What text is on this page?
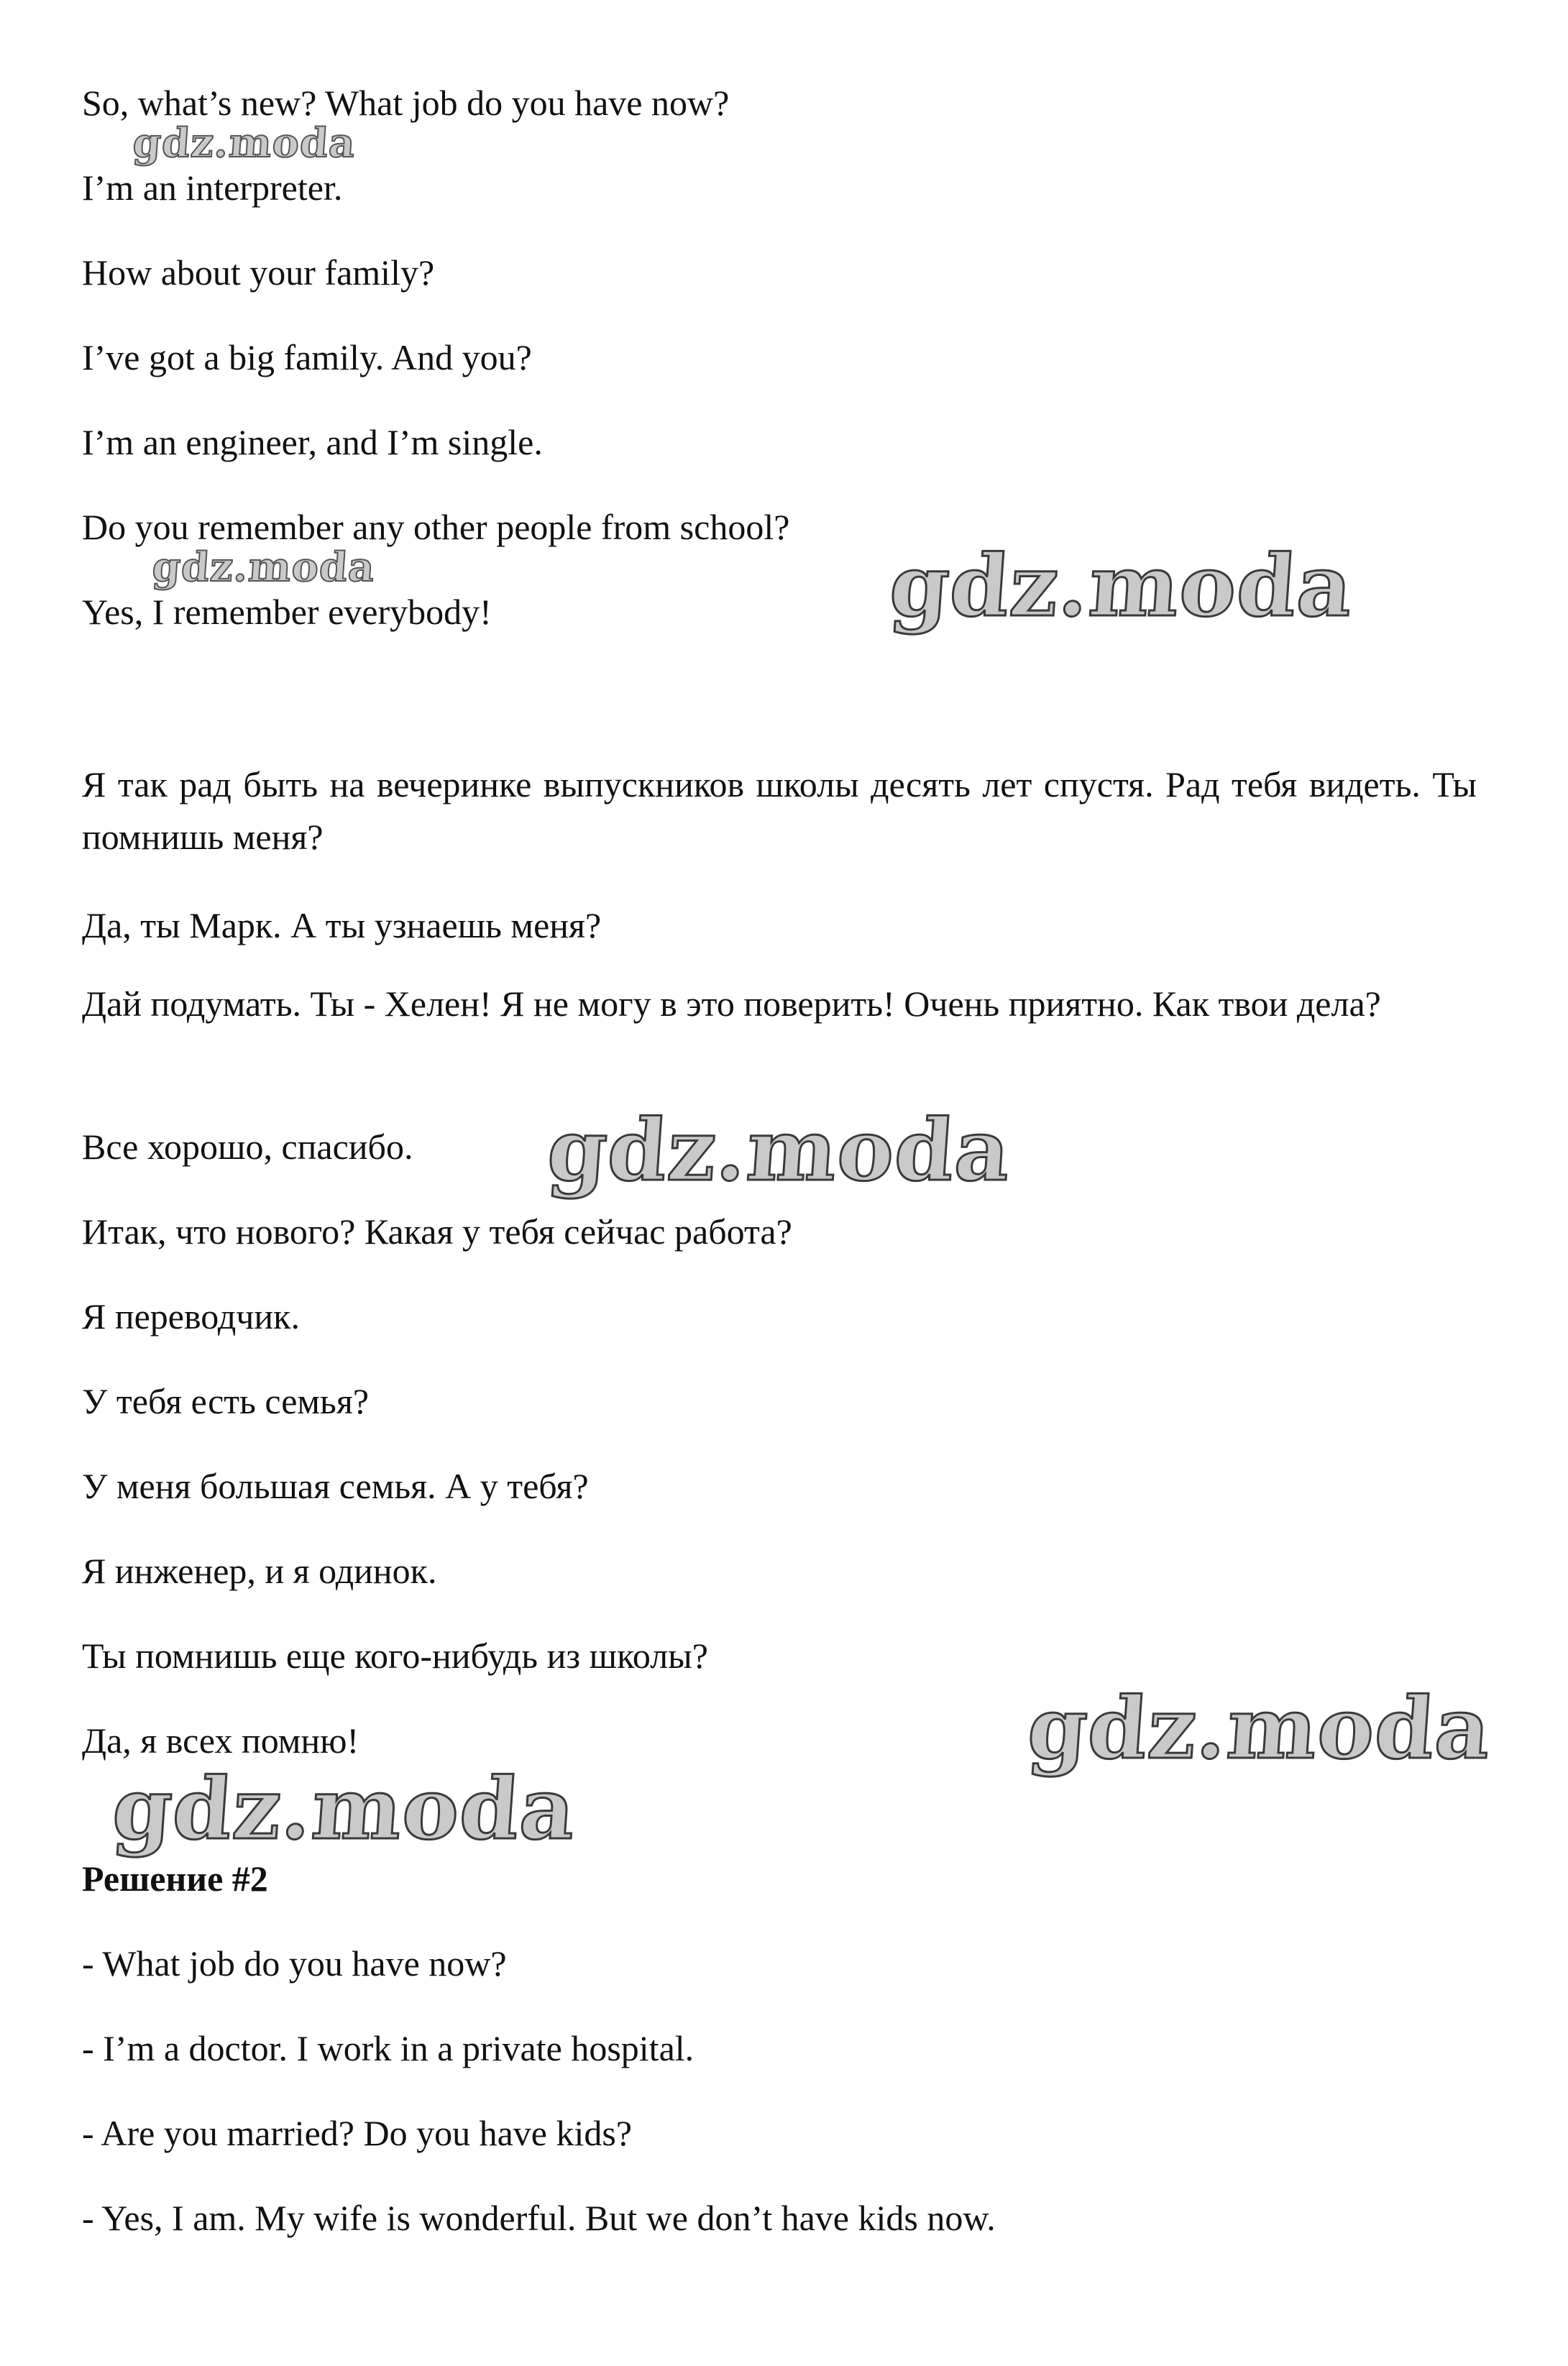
So, what’s new? What job do you have now?
I’m an interpreter.
How about your family?
I’ve got a big family. And you?
I’m an engineer, and I’m single.
Do you remember any other people from school?
Yes, I remember everybody!
Я так рад быть на вечеринке выпускников школы десять лет спустя. Рад тебя видеть. Ты помнишь меня?
Да, ты Марк. А ты узнаешь меня?
Дай подумать. Ты - Хелен! Я не могу в это поверить! Очень приятно. Как твои дела?
Все хорошо, спасибо.
Итак, что нового? Какая у тебя сейчас работа?
Я переводчик.
У тебя есть семья?
У меня большая семья. А у тебя?
Я инженер, и я одинок.
Ты помнишь еще кого-нибудь из школы?
Да, я всех помню!
Решение #2
- What job do you have now?
- I’m a doctor. I work in a private hospital.
- Are you married? Do you have kids?
- Yes, I am. My wife is wonderful. But we don’t have kids now.
gdz.moda
gdz.moda	gdz.moda
gdz.moda
gdz.moda
gdz.moda
